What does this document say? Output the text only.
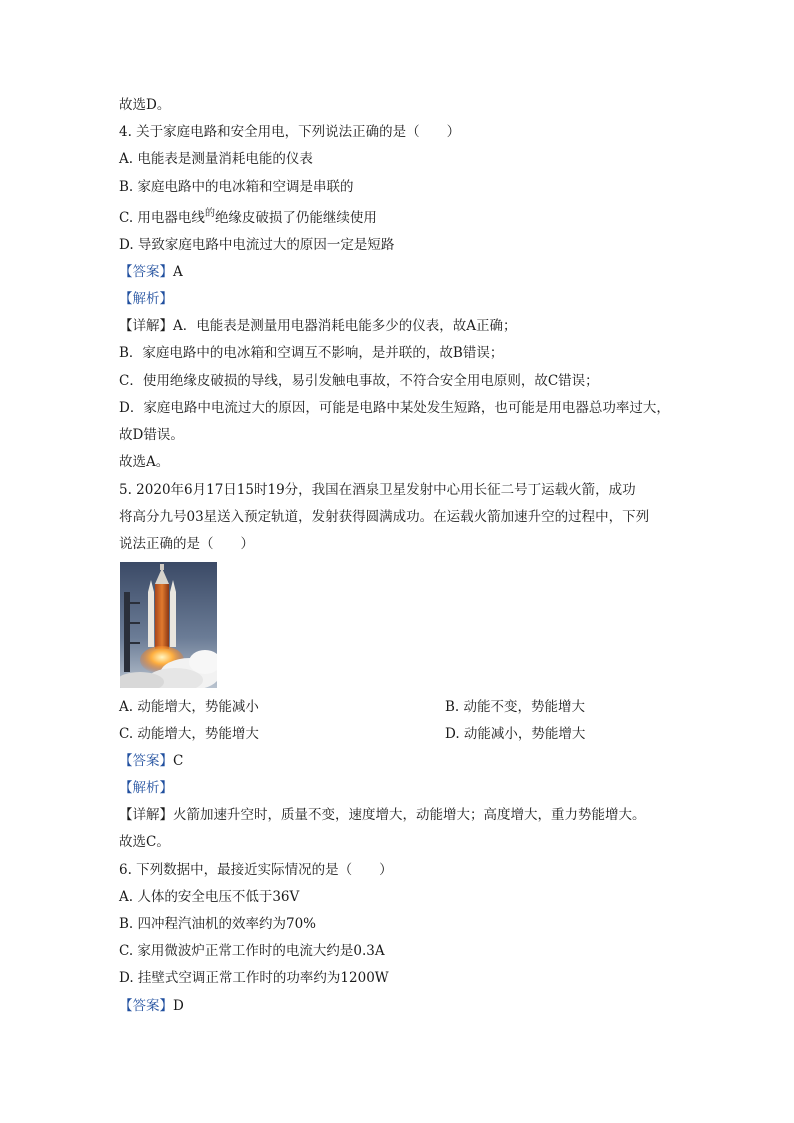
故选D。
4. 关于家庭电路和安全用电，下列说法正确的是（　　）
A. 电能表是测量消耗电能的仪表
B. 家庭电路中的电冰箱和空调是串联的
C. 用电器电线$^的$绝缘皮破损了仍能继续使用
D. 导致家庭电路中电流过大的原因一定是短路
【答案】A
【解析】
【详解】A．电能表是测量用电器消耗电能多少的仪表，故A正确；
B．家庭电路中的电冰箱和空调互不影响，是并联的，故B错误；
C．使用绝缘皮破损的导线，易引发触电事故，不符合安全用电原则，故C错误；
D．家庭电路中电流过大的原因，可能是电路中某处发生短路，也可能是用电器总功率过大，
故D错误。
故选A。
5. 2020年6月17日15时19分，我国在酒泉卫星发射中心用长征二号丁运载火箭，成功
将高分九号03星送入预定轨道，发射获得圆满成功。在运载火箭加速升空的过程中，下列
说法正确的是（　　）
A. 动能增大，势能减小	B. 动能不变，势能增大
C. 动能增大，势能增大	D. 动能减小，势能增大
【答案】C
【解析】
【详解】火箭加速升空时，质量不变，速度增大，动能增大；高度增大，重力势能增大。
故选C。
6. 下列数据中，最接近实际情况的是（　　）
A. 人体的安全电压不低于36V
B. 四冲程汽油机的效率约为70%
C. 家用微波炉正常工作时的电流大约是0.3A
D. 挂壁式空调正常工作时的功率约为1200W
【答案】D
